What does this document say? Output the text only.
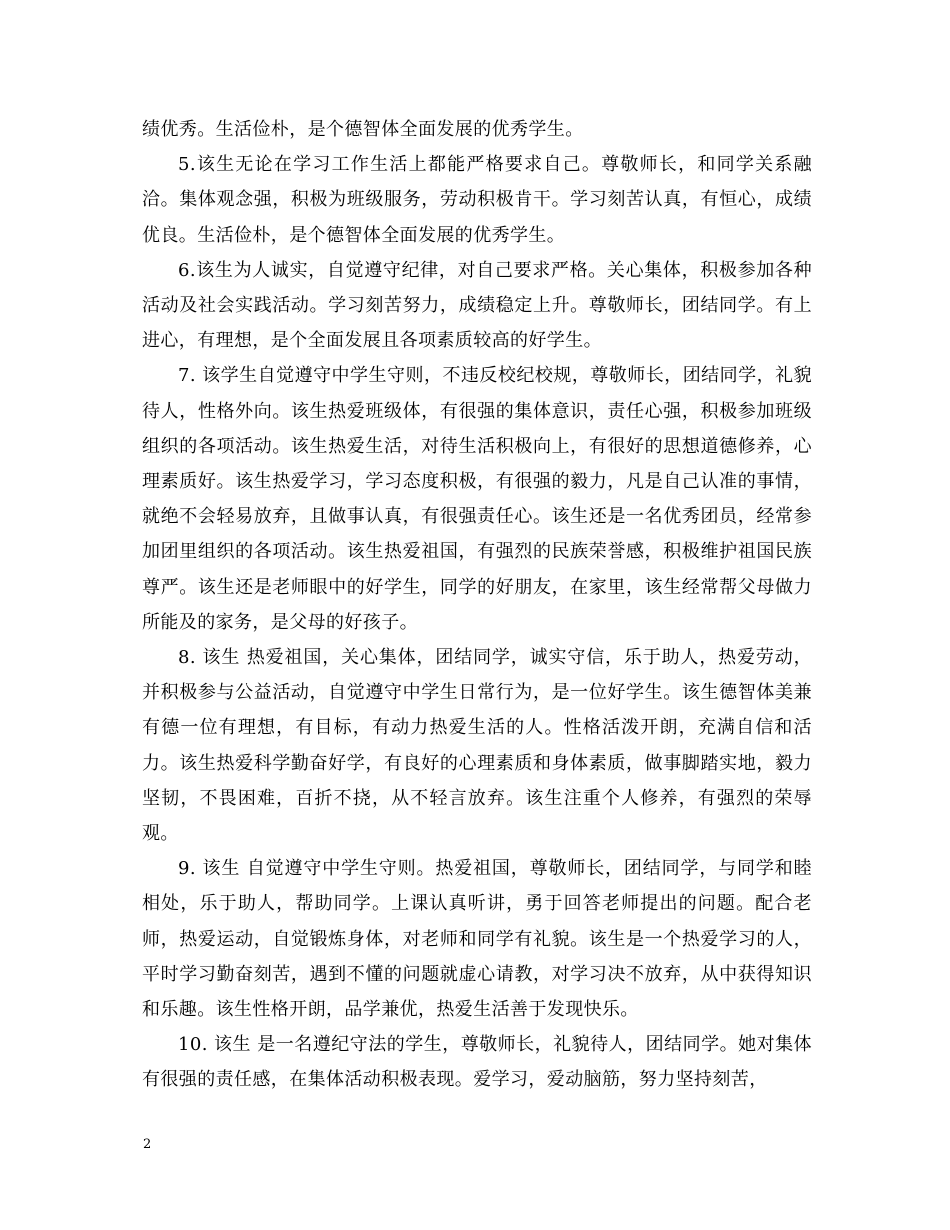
绩优秀。生活俭朴，是个德智体全面发展的优秀学生。

5.该生无论在学习工作生活上都能严格要求自己。尊敬师长，和同学关系融洽。集体观念强，积极为班级服务，劳动积极肯干。学习刻苦认真，有恒心，成绩优良。生活俭朴，是个德智体全面发展的优秀学生。

6.该生为人诚实，自觉遵守纪律，对自己要求严格。关心集体，积极参加各种活动及社会实践活动。学习刻苦努力，成绩稳定上升。尊敬师长，团结同学。有上进心，有理想，是个全面发展且各项素质较高的好学生。

7. 该学生自觉遵守中学生守则，不违反校纪校规，尊敬师长，团结同学，礼貌待人，性格外向。该生热爱班级体，有很强的集体意识，责任心强，积极参加班级组织的各项活动。该生热爱生活，对待生活积极向上，有很好的思想道德修养，心理素质好。该生热爱学习，学习态度积极，有很强的毅力，凡是自己认准的事情，就绝不会轻易放弃，且做事认真，有很强责任心。该生还是一名优秀团员，经常参加团里组织的各项活动。该生热爱祖国，有强烈的民族荣誉感，积极维护祖国民族尊严。该生还是老师眼中的好学生，同学的好朋友，在家里，该生经常帮父母做力所能及的家务，是父母的好孩子。

8. 该生 热爱祖国，关心集体，团结同学，诚实守信，乐于助人，热爱劳动，并积极参与公益活动，自觉遵守中学生日常行为，是一位好学生。该生德智体美兼有德一位有理想，有目标，有动力热爱生活的人。性格活泼开朗，充满自信和活力。该生热爱科学勤奋好学，有良好的心理素质和身体素质，做事脚踏实地，毅力坚韧，不畏困难，百折不挠，从不轻言放弃。该生注重个人修养，有强烈的荣辱观。

9. 该生 自觉遵守中学生守则。热爱祖国，尊敬师长，团结同学，与同学和睦相处，乐于助人，帮助同学。上课认真听讲，勇于回答老师提出的问题。配合老师，热爱运动，自觉锻炼身体，对老师和同学有礼貌。该生是一个热爱学习的人，平时学习勤奋刻苦，遇到不懂的问题就虚心请教，对学习决不放弃，从中获得知识和乐趣。该生性格开朗，品学兼优，热爱生活善于发现快乐。

10. 该生 是一名遵纪守法的学生，尊敬师长，礼貌待人，团结同学。她对集体有很强的责任感，在集体活动积极表现。爱学习，爱动脑筋，努力坚持刻苦，

2
